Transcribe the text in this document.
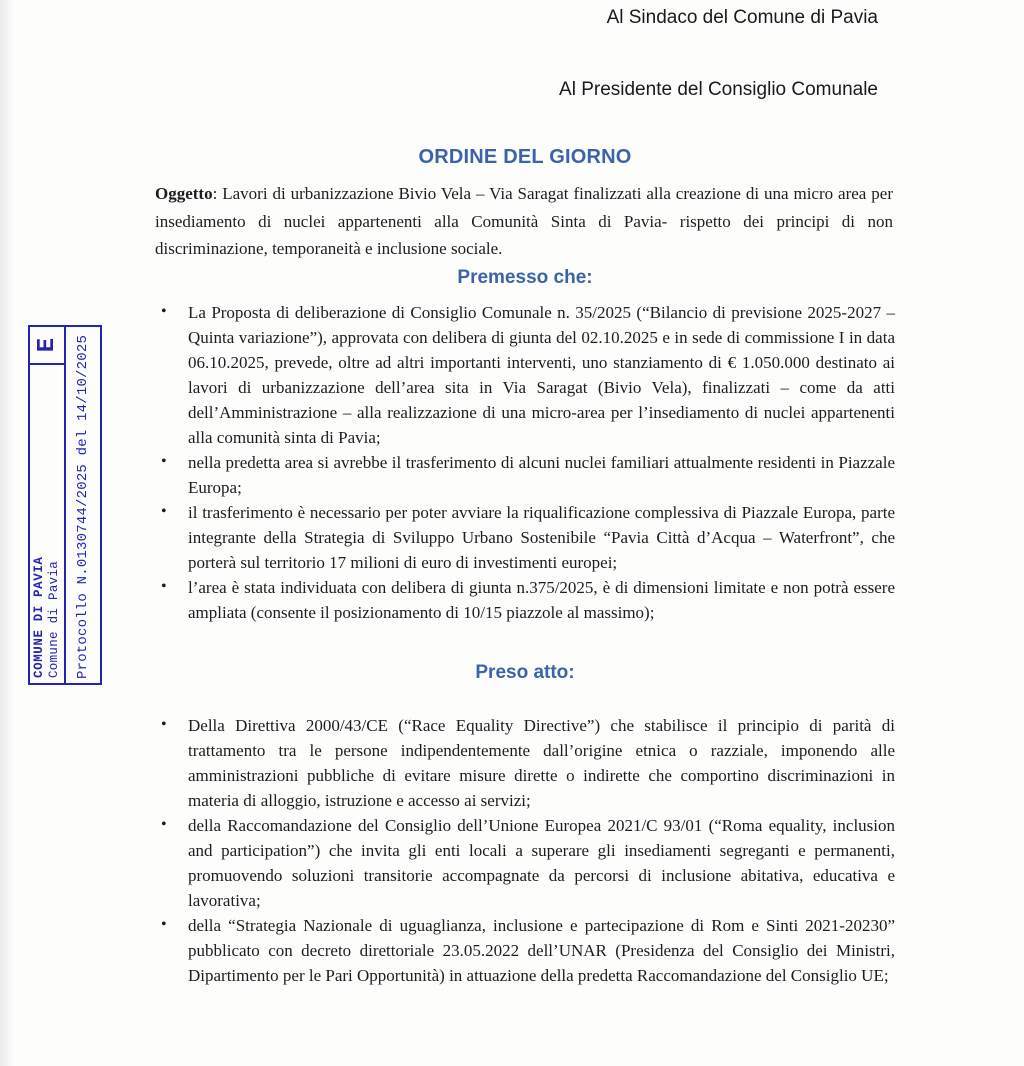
Al Sindaco del Comune di Pavia
Al Presidente del Consiglio Comunale
ORDINE DEL GIORNO
Oggetto: Lavori di urbanizzazione Bivio Vela – Via Saragat finalizzati alla creazione di una micro area per insediamento di nuclei appartenenti alla Comunità Sinta di Pavia- rispetto dei principi di non discriminazione, temporaneità e inclusione sociale.
Premesso che:
• La Proposta di deliberazione di Consiglio Comunale n. 35/2025 (“Bilancio di previsione 2025-2027 – Quinta variazione”), approvata con delibera di giunta del 02.10.2025 e in sede di commissione I in data 06.10.2025, prevede, oltre ad altri importanti interventi, uno stanziamento di € 1.050.000 destinato ai lavori di urbanizzazione dell’area sita in Via Saragat (Bivio Vela), finalizzati – come da atti dell’Amministrazione – alla realizzazione di una micro-area per l’insediamento di nuclei appartenenti alla comunità sinta di Pavia;
• nella predetta area si avrebbe il trasferimento di alcuni nuclei familiari attualmente residenti in Piazzale Europa;
• il trasferimento è necessario per poter avviare la riqualificazione complessiva di Piazzale Europa, parte integrante della Strategia di Sviluppo Urbano Sostenibile “Pavia Città d’Acqua – Waterfront”, che porterà sul territorio 17 milioni di euro di investimenti europei;
• l’area è stata individuata con delibera di giunta n.375/2025, è di dimensioni limitate e non potrà essere ampliata (consente il posizionamento di 10/15 piazzole al massimo);
Preso atto:
• Della Direttiva 2000/43/CE (“Race Equality Directive”) che stabilisce il principio di parità di trattamento tra le persone indipendentemente dall’origine etnica o razziale, imponendo alle amministrazioni pubbliche di evitare misure dirette o indirette che comportino discriminazioni in materia di alloggio, istruzione e accesso ai servizi;
• della Raccomandazione del Consiglio dell’Unione Europea 2021/C 93/01 (“Roma equality, inclusion and participation”) che invita gli enti locali a superare gli insediamenti segreganti e permanenti, promuovendo soluzioni transitorie accompagnate da percorsi di inclusione abitativa, educativa e lavorativa;
• della “Strategia Nazionale di uguaglianza, inclusione e partecipazione di Rom e Sinti 2021-20230” pubblicato con decreto direttoriale 23.05.2022 dell’UNAR (Presidenza del Consiglio dei Ministri, Dipartimento per le Pari Opportunità) in attuazione della predetta Raccomandazione del Consiglio UE;
COMUNE DI PAVIA Comune di Pavia
E	Protocollo N.0130744/2025 del 14/10/2025
